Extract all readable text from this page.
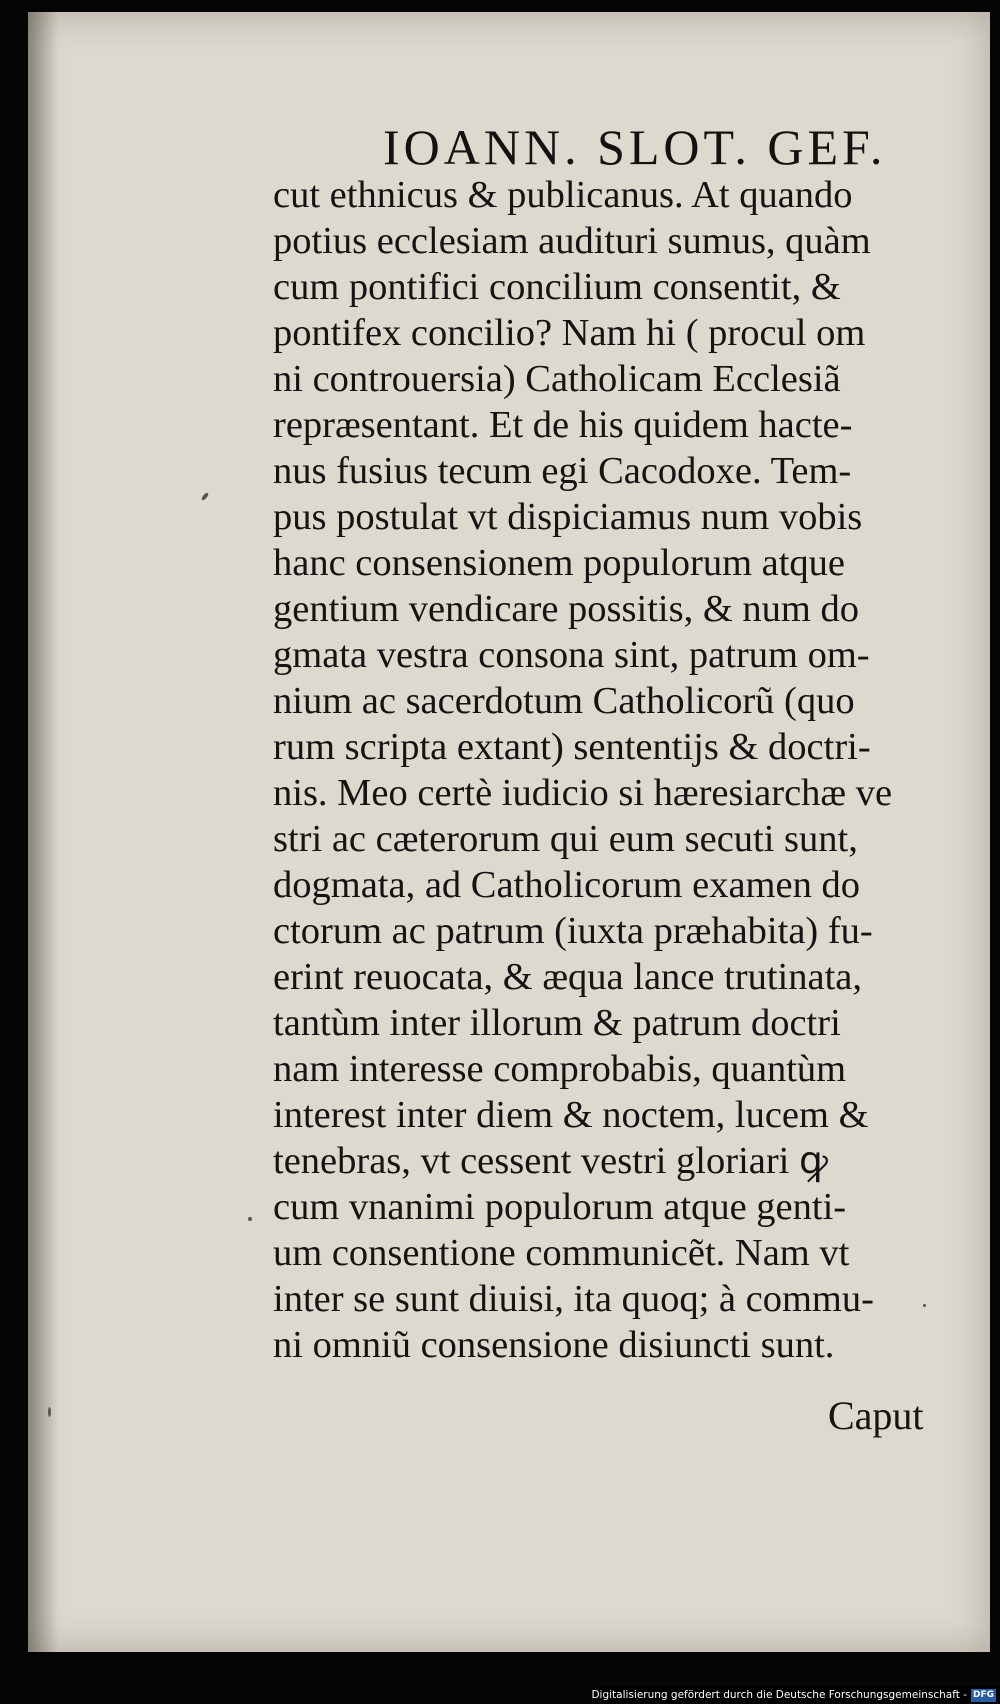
IOANN. SLOT. GEF.
cut ethnicus & publicanus. At quando
potius ecclesiam audituri sumus, quàm
cum pontifici concilium consentit, &
pontifex concilio? Nam hi ( procul om
ni controuersia) Catholicam Ecclesiã
repræsentant. Et de his quidem hacte-
nus fusius tecum egi Cacodoxe. Tem-
pus postulat vt dispiciamus num vobis
hanc consensionem populorum atque
gentium vendicare possitis, & num do
gmata vestra consona sint, patrum om-
nium ac sacerdotum Catholicorũ (quo
rum scripta extant) sententijs & doctri-
nis. Meo certè iudicio si hæresiarchæ ve
stri ac cæterorum qui eum secuti sunt,
dogmata, ad Catholicorum examen do
ctorum ac patrum (iuxta præhabita) fu-
erint reuocata, & æqua lance trutinata,
tantùm inter illorum & patrum doctri
nam interesse comprobabis, quantùm
interest inter diem & noctem, lucem &
tenebras, vt cessent vestri gloriari ꝙ
cum vnanimi populorum atque genti-
um consentione communicẽt. Nam vt
inter se sunt diuisi, ita quoq; à commu-
ni omniũ consensione disiuncti sunt.
Caput
Digitalisierung gefördert durch die Deutsche Forschungsgemeinschaft - DFG
